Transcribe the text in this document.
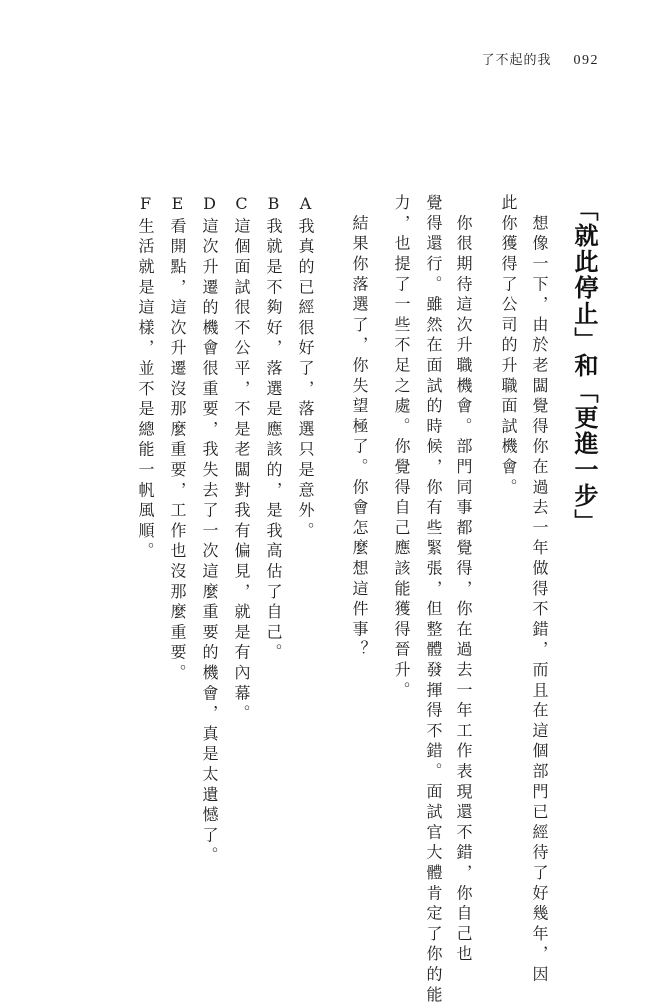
了不起的我 092
「就此停止」和「更進一步」
　想像一下，由於老闆覺得你在過去一年做得不錯，而且在這個部門已經待了好幾年，因
此你獲得了公司的升職面試機會。
　你很期待這次升職機會。部門同事都覺得，你在過去一年工作表現還不錯，你自己也
覺得還行。雖然在面試的時候，你有些緊張，但整體發揮得不錯。面試官大體肯定了你的能
力，也提了一些不足之處。你覺得自己應該能獲得晉升。
　結果你落選了，你失望極了。你會怎麼想這件事？
A我真的已經很好了，落選只是意外。
B我就是不夠好，落選是應該的，是我高估了自己。
C這個面試很不公平，不是老闆對我有偏見，就是有內幕。
D這次升遷的機會很重要，我失去了一次這麼重要的機會，真是太遺憾了。
E看開點，這次升遷沒那麼重要，工作也沒那麼重要。
F生活就是這樣，並不是總能一帆風順。
